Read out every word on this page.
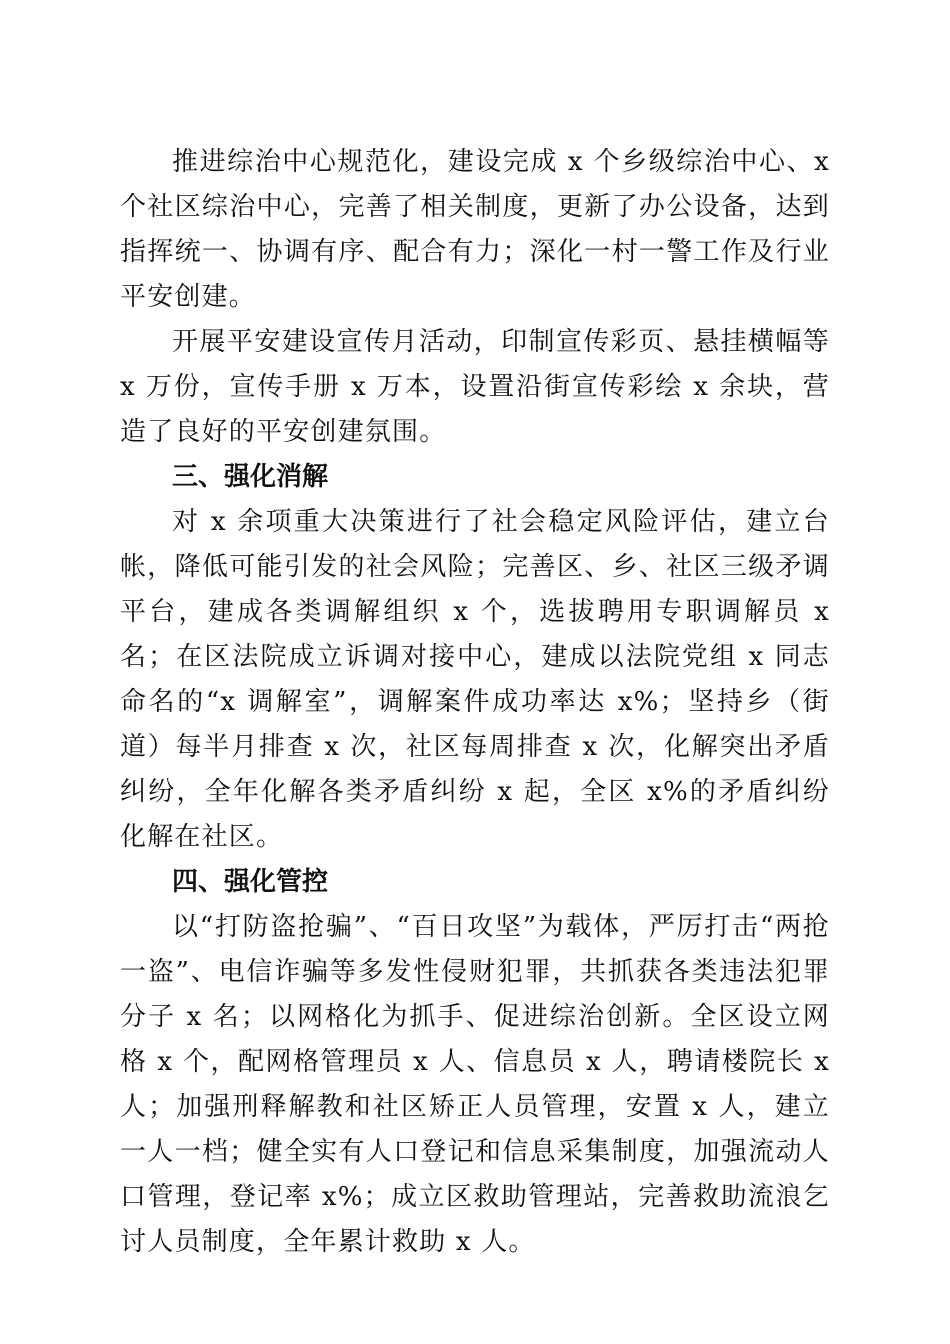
推进综治中心规范化，建设完成 x 个乡级综治中心、x 个社区综治中心，完善了相关制度，更新了办公设备，达到指挥统一、协调有序、配合有力；深化一村一警工作及行业平安创建。

开展平安建设宣传月活动，印制宣传彩页、悬挂横幅等 x 万份，宣传手册 x 万本，设置沿街宣传彩绘 x 余块，营造了良好的平安创建氛围。

三、强化消解

对 x 余项重大决策进行了社会稳定风险评估，建立台帐，降低可能引发的社会风险；完善区、乡、社区三级矛调平台，建成各类调解组织 x 个，选拔聘用专职调解员 x 名；在区法院成立诉调对接中心，建成以法院党组 x 同志命名的“x 调解室”，调解案件成功率达 x%；坚持乡（街道）每半月排查 x 次，社区每周排查 x 次，化解突出矛盾纠纷，全年化解各类矛盾纠纷 x 起，全区 x%的矛盾纠纷化解在社区。

四、强化管控

以“打防盗抢骗”、“百日攻坚”为载体，严厉打击“两抢一盗”、电信诈骗等多发性侵财犯罪，共抓获各类违法犯罪分子 x 名；以网格化为抓手、促进综治创新。全区设立网格 x 个，配网格管理员 x 人、信息员 x 人，聘请楼院长 x 人；加强刑释解教和社区矫正人员管理，安置 x 人，建立一人一档；健全实有人口登记和信息采集制度，加强流动人口管理，登记率 x%；成立区救助管理站，完善救助流浪乞讨人员制度，全年累计救助 x 人。
